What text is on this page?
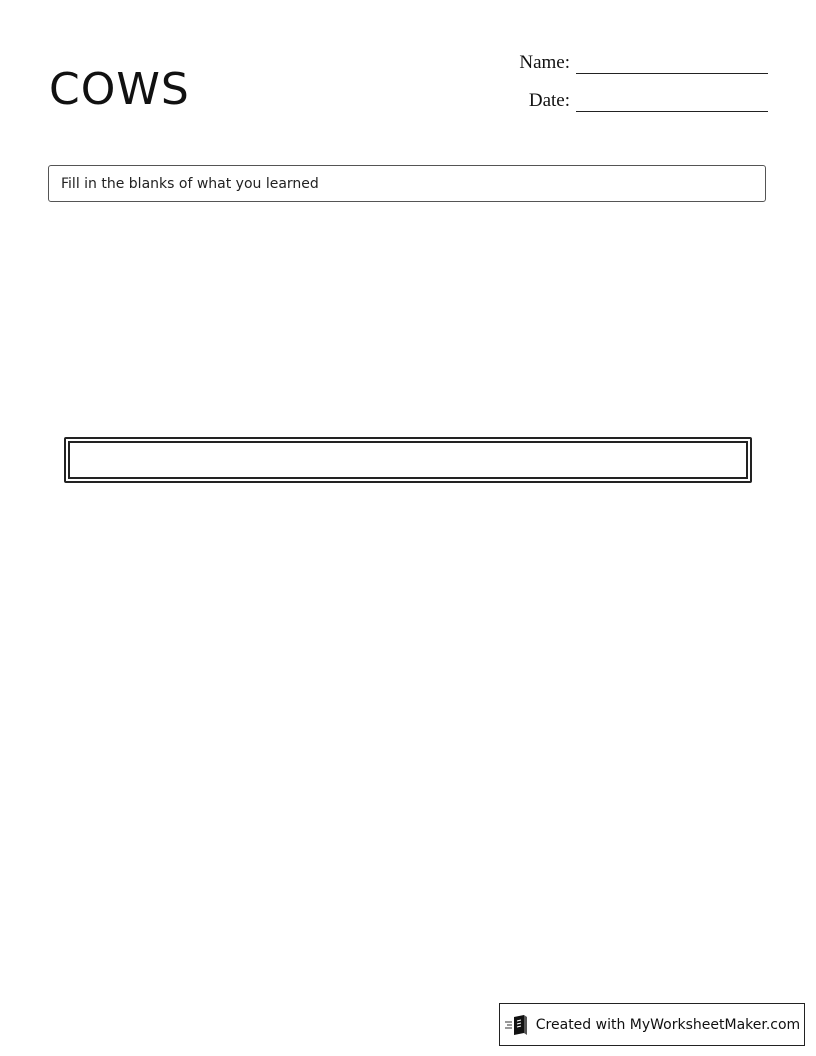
COWS
Name:
Date:
Fill in the blanks of what you learned
Created with MyWorksheetMaker.com
